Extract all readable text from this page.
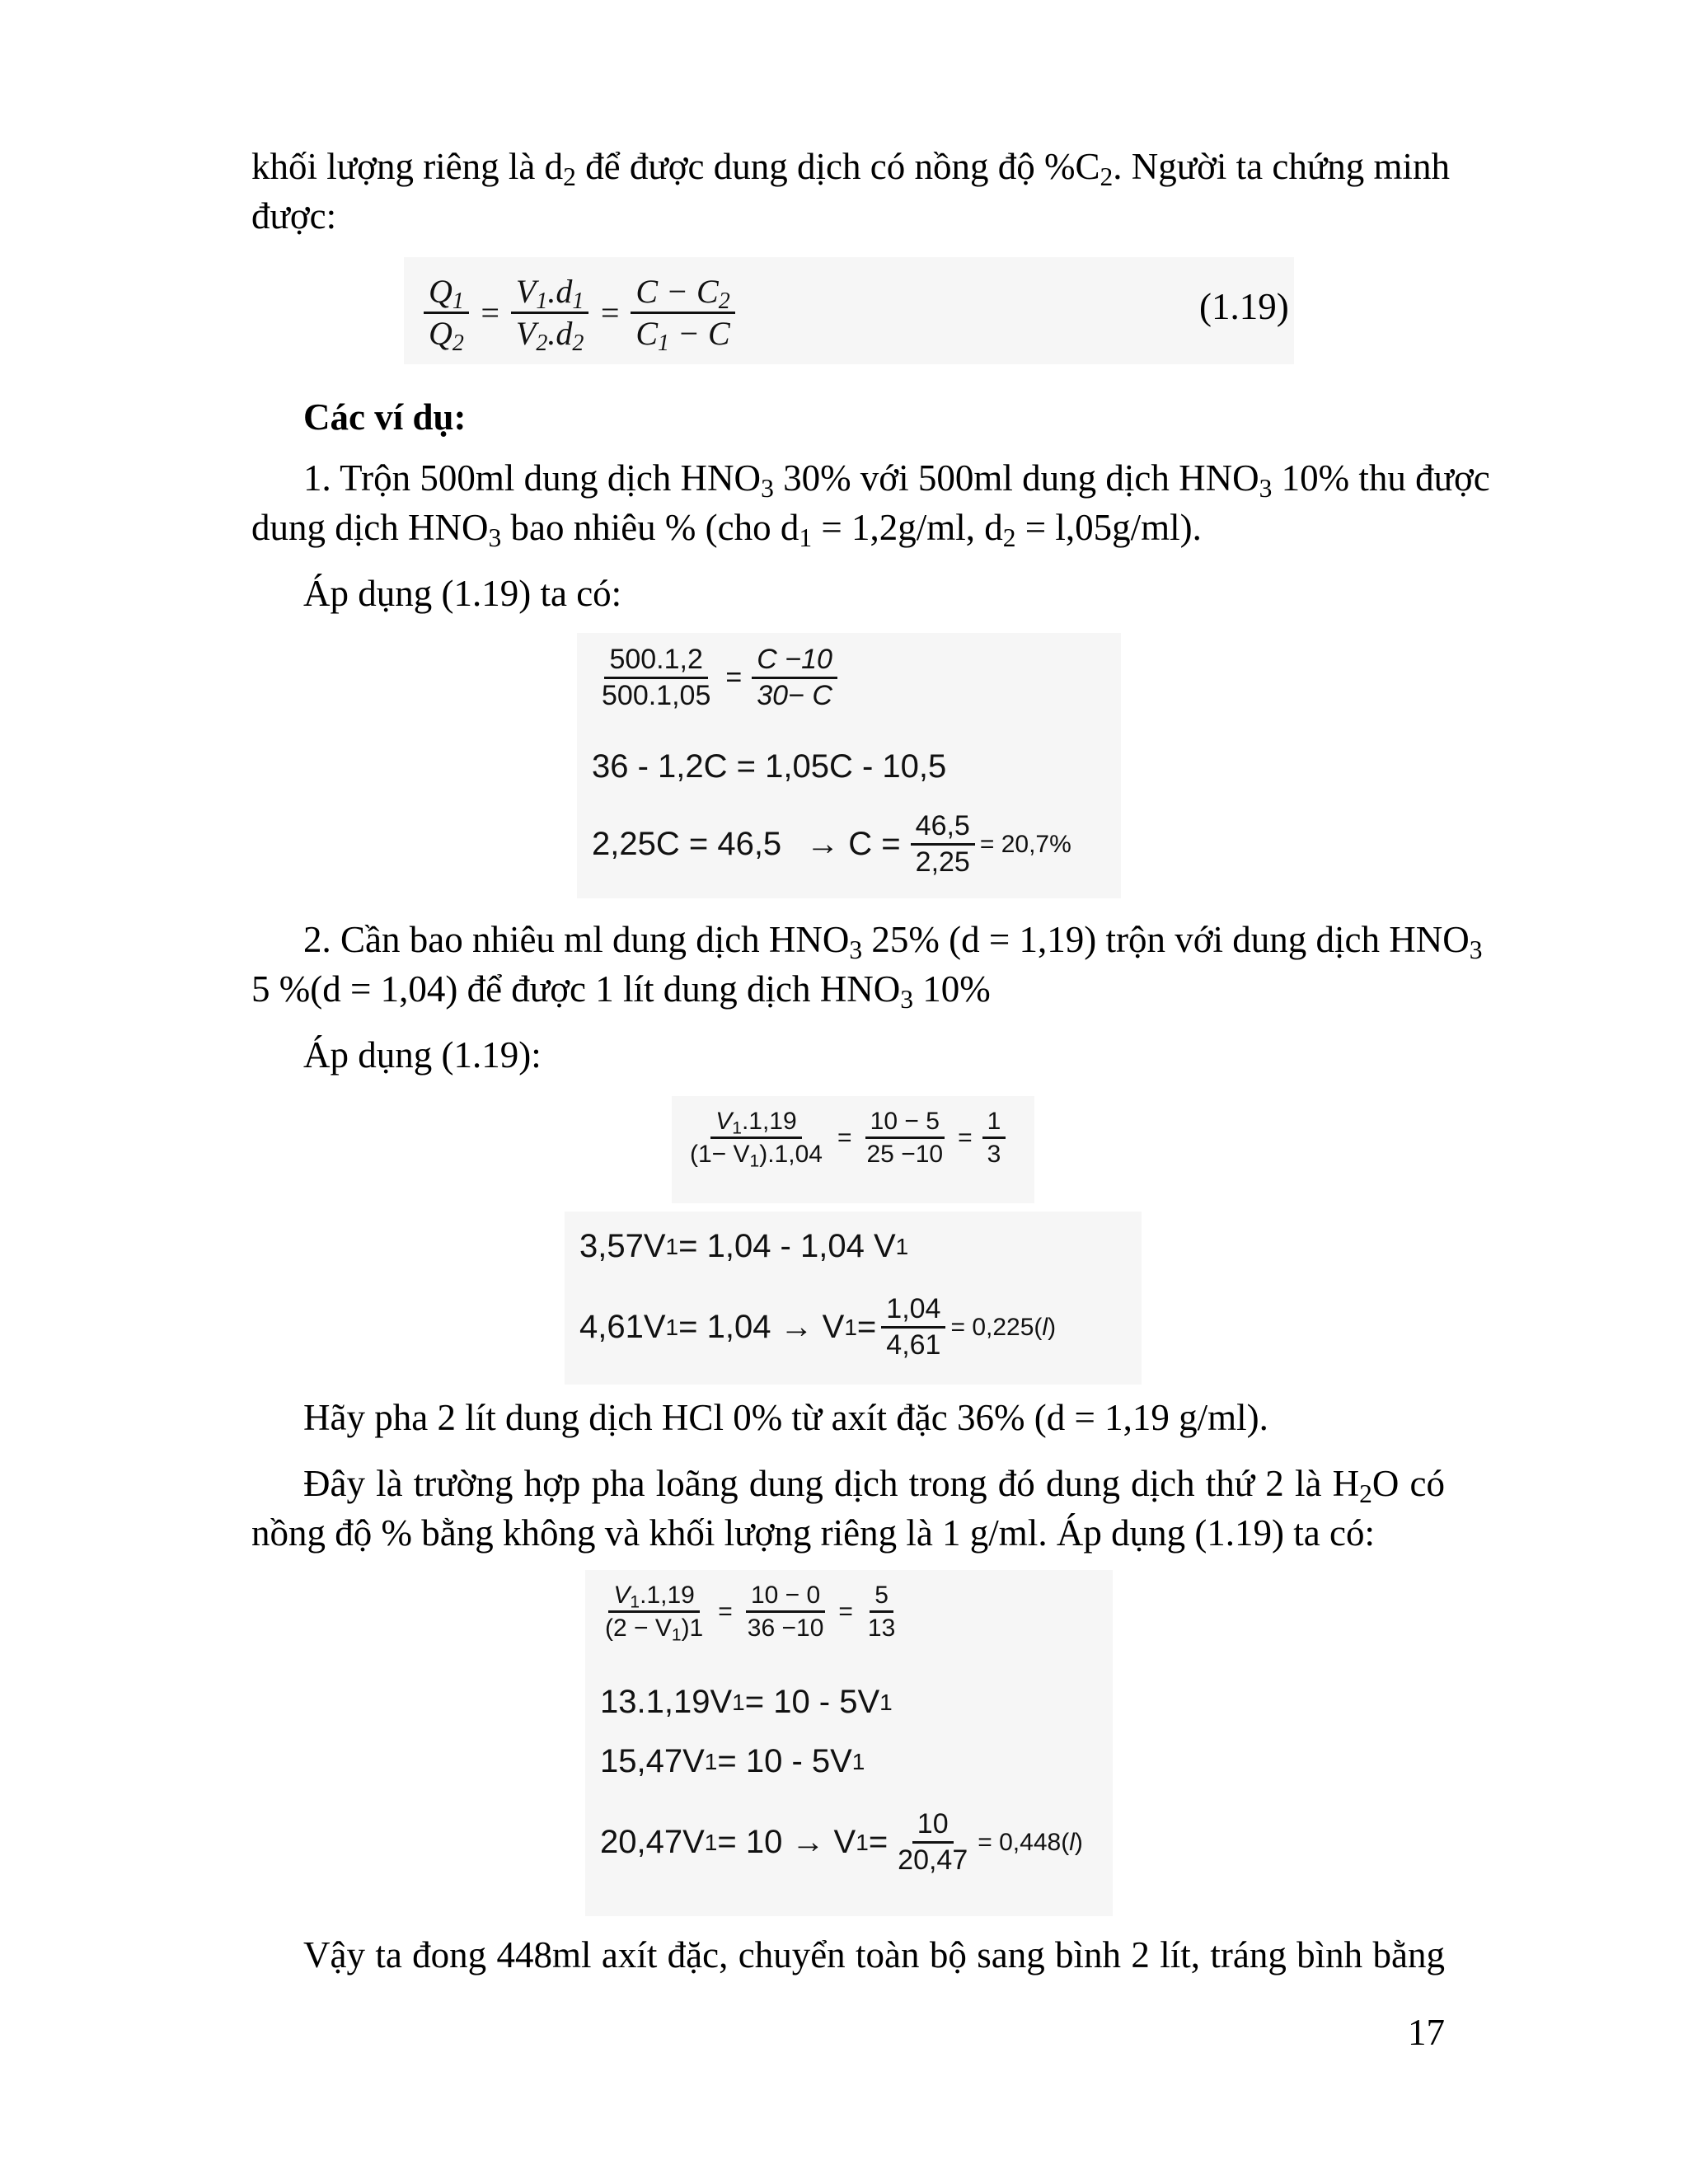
khối lượng riêng là $d_2$ để được dung dịch có nồng độ $\%C_2$. Người ta chứng minh
được:
$\frac{Q_1}{Q_2} = \frac{V_1.d_1}{V_2.d_2} = \frac{C - C_2}{C_1 - C}$	(1.19)
Các ví dụ:
1. Trộn 500ml dung dịch $HNO_3$ 30% với 500ml dung dịch $HNO_3$ 10% thu được
dung dịch $HNO_3$ bao nhiêu % (cho $d_1 = 1,2g/ml$, $d_2 = l,05g/ml$).
Áp dụng (1.19) ta có:
$\frac{500.1,2}{500.1,05} = \frac{C -10}{30- C}$
36 - 1,2C = 1,05C - 10,5
$2,25C = 46,5 \to C = \frac{46,5}{2,25} = 20,7\%$
2. Cần bao nhiêu ml dung dịch $HNO_3$ 25% (d = 1,19) trộn với dung dịch $HNO_3$
5 %(d = 1,04) để được 1 lít dung dịch $HNO_3$ 10%
Áp dụng (1.19):
$\frac{V_1.1,19}{(1- V_1).1,04} = \frac{10 - 5}{25 -10} = \frac{1}{3}$
3,57V 1 = 1,04 - 1,04 V 1
4,61V 1 = 1,04 → V $1 = \frac{1,04}{4,61} = 0,225(l)$
Hãy pha 2 lít dung dịch HCl 0% từ axít đặc 36% (d = 1,19 g/ml).
Đây là trường hợp pha loãng dung dịch trong đó dung dịch thứ 2 là $H_2O$ có
nồng độ % bằng không và khối lượng riêng là 1 g/ml. Áp dụng (1.19) ta có:
$\frac{V_1.1,19}{(2 - V_1)1} = \frac{10 - 0}{36 -10} = \frac{5}{13}$
13.1,19V 1 = 10 - 5V 1
15,47V 1 = 10 - 5V 1
20,47V 1 = 10 → V $1 = \frac{10}{20,47} = 0,448(l)$
Vậy ta đong 448ml axít đặc, chuyển toàn bộ sang bình 2 lít, tráng bình bằng
17
